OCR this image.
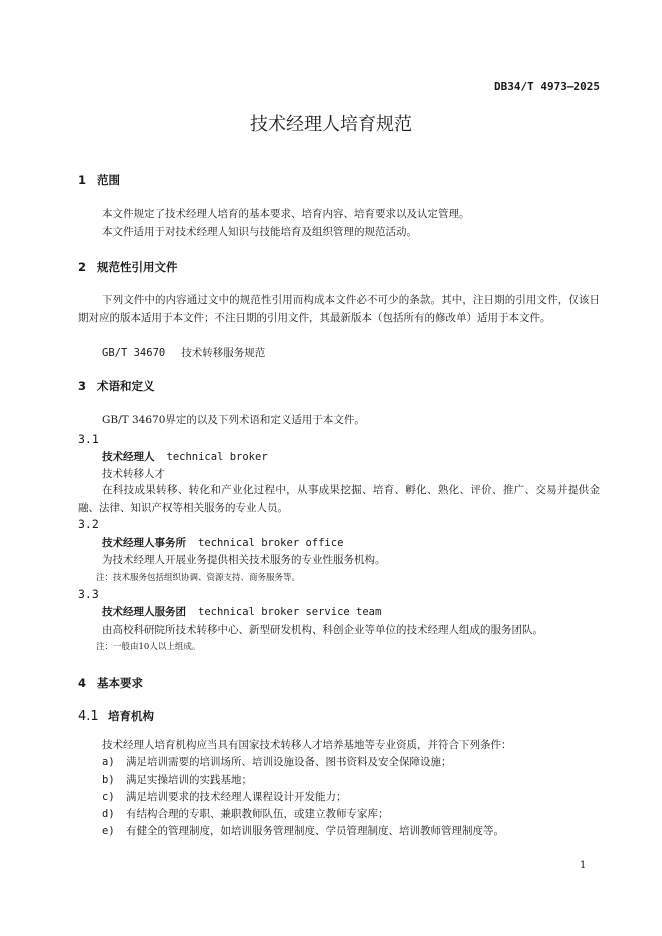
DB34/T 4973—2025
技术经理人培育规范
1 范围
本文件规定了技术经理人培育的基本要求、培育内容、培育要求以及认定管理。
本文件适用于对技术经理人知识与技能培育及组织管理的规范活动。
2 规范性引用文件
下列文件中的内容通过文中的规范性引用而构成本文件必不可少的条款。其中，注日期的引用文件，仅该日期对应的版本适用于本文件；不注日期的引用文件，其最新版本（包括所有的修改单）适用于本文件。
GB/T 34670 技术转移服务规范
3 术语和定义
GB/T 34670界定的以及下列术语和定义适用于本文件。
3.1
技术经理人 technical broker
技术转移人才
在科技成果转移、转化和产业化过程中，从事成果挖掘、培育、孵化、熟化、评价、推广、交易并提供金融、法律、知识产权等相关服务的专业人员。
3.2
技术经理人事务所 technical broker office
为技术经理人开展业务提供相关技术服务的专业性服务机构。
注：技术服务包括组织协调、资源支持、商务服务等。
3.3
技术经理人服务团 technical broker service team
由高校科研院所技术转移中心、新型研发机构、科创企业等单位的技术经理人组成的服务团队。
注：一般由10人以上组成。
4 基本要求
4.1 培育机构
技术经理人培育机构应当具有国家技术转移人才培养基地等专业资质，并符合下列条件：
a) 满足培训需要的培训场所、培训设施设备、图书资料及安全保障设施；
b) 满足实操培训的实践基地；
c) 满足培训要求的技术经理人课程设计开发能力；
d) 有结构合理的专职、兼职教师队伍，或建立教师专家库；
e) 有健全的管理制度，如培训服务管理制度、学员管理制度、培训教师管理制度等。
1
